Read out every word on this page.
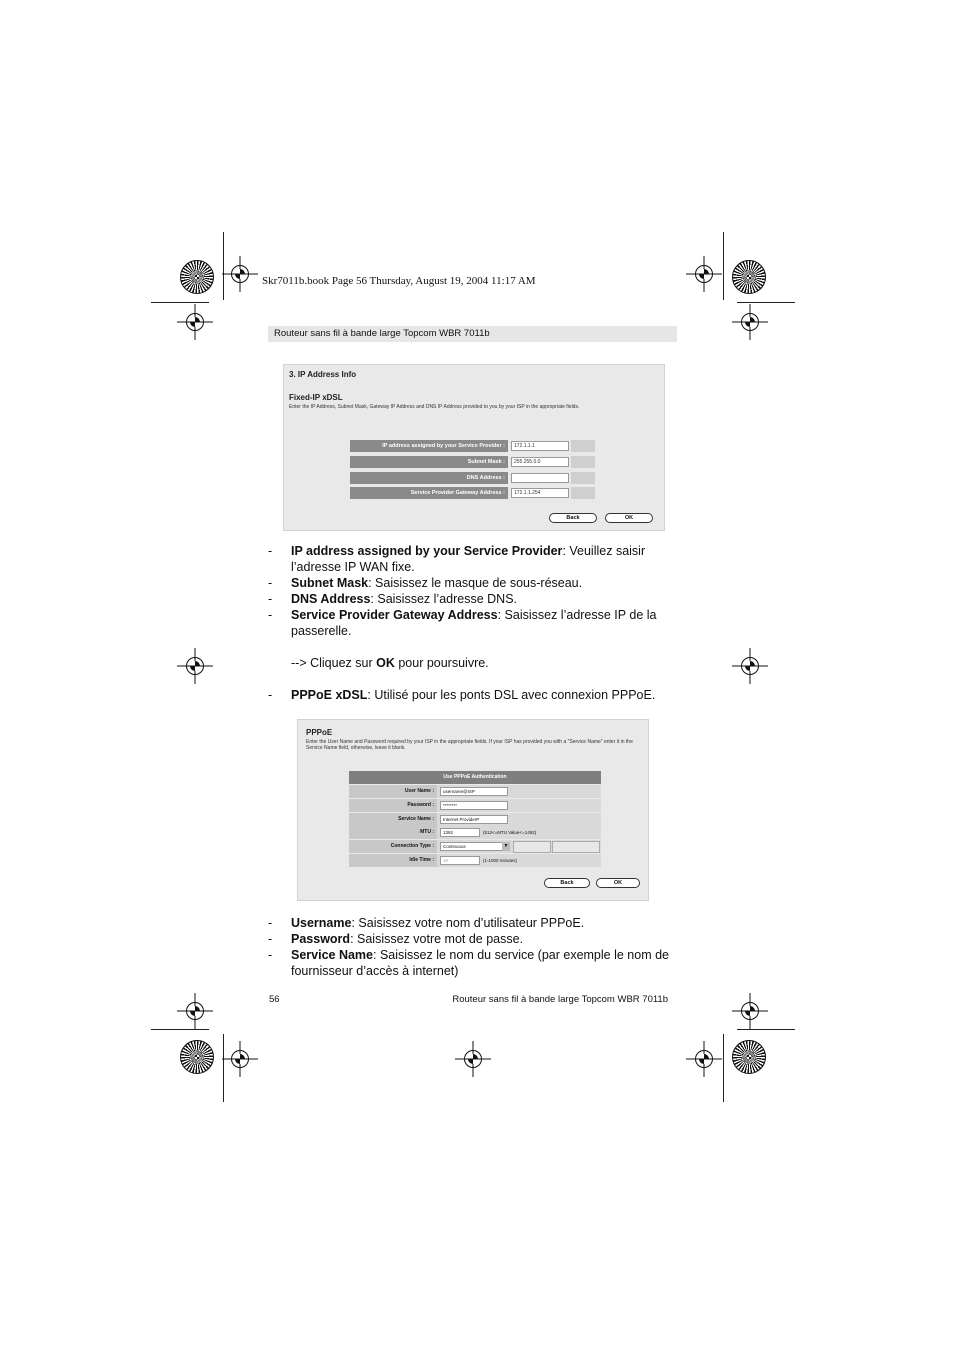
Skr7011b.book Page 56 Thursday, August 19, 2004 11:17 AM
Routeur sans fil à bande large Topcom WBR 7011b
3. IP Address Info
Fixed-IP xDSL
Enter the IP Address, Subnet Mask, Gateway IP Address and DNS IP Address provided to you by your ISP in the appropriate fields.
IP address assigned by your Service Provider :	172.1.1.1
Subnet Mask :	255.255.0.0
DNS Address :
Service Provider Gateway Address :	172.1.1.254
Back	OK
- IP address assigned by your Service Provider: Veuillez saisir l’adresse IP WAN fixe.
- Subnet Mask: Saisissez le masque de sous-réseau.
- DNS Address: Saisissez l’adresse DNS.
- Service Provider Gateway Address: Saisissez l’adresse IP de la passerelle.
--> Cliquez sur OK pour poursuivre.
- PPPoE xDSL: Utilisé pour les ponts DSL avec connexion PPPoE.
PPPoE
Enter the User Name and Password required by your ISP in the appropriate fields. If your ISP has provided you with a "Service Name" enter it in the Service Name field, otherwise, leave it blank.
Use PPPoE Authentication
User Name :	username@ISP
Password :	********
Service Name :	Internet ProviderP
MTU :	1392	(512<=MTU Value<=1492)
Connection Type :	Continuous	▼
Idle Time :	10	(1-1000 minutes)
Back	OK
- Username: Saisissez votre nom d’utilisateur PPPoE.
- Password: Saisissez votre mot de passe.
- Service Name: Saisissez le nom du service (par exemple le nom de fournisseur d’accès à internet)
56	Routeur sans fil à bande large Topcom WBR 7011b
